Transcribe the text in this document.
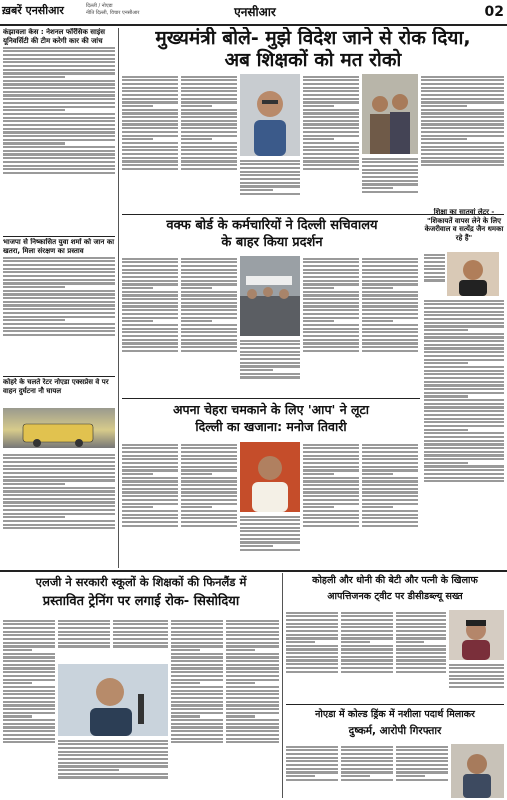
ख़बरें एनसीआर	दिल्ली / नोएडा
नीति दिल्ली, विचार एनसीआर	एनसीआर	02
कंझावला केस : नेशनल फॉरेंसिक साइंस यूनिवर्सिटी की टीम करेगी कार की जांच
भाजपा से निष्कासित युवा शर्मा को जान का खतरा, मिला संरक्षण का प्रस्ताव
कोहरे के चलते रेटर नोएडा एक्सप्रेस वे पर वाहन दुर्घटना नौ घायल
मुख्यमंत्री बोले- मुझे विदेश जाने से रोक दिया,
अब शिक्षकों को मत रोको
वक्फ बोर्ड के कर्मचारियों ने दिल्ली सचिवालय
के बाहर किया प्रदर्शन
शिक्षा का सातवां लेटर - "शिकायतें वापस लेने के लिए केजरीवाल व सत्येंद्र जैन धमका रहे हैं"
अपना चेहरा चमकाने के लिए 'आप' ने लूटा
दिल्ली का खजाना: मनोज तिवारी
एलजी ने सरकारी स्कूलों के शिक्षकों की फिनलैंड में
प्रस्तावित ट्रेनिंग पर लगाई रोक- सिसोदिया
कोहली और धोनी की बेटी और पत्नी के खिलाफ
आपत्तिजनक ट्वीट पर डीसीडब्ल्यू सख्त
नोएडा में कोल्ड ड्रिंक में नशीला पदार्थ मिलाकर
दुष्कर्म, आरोपी गिरफ्तार
